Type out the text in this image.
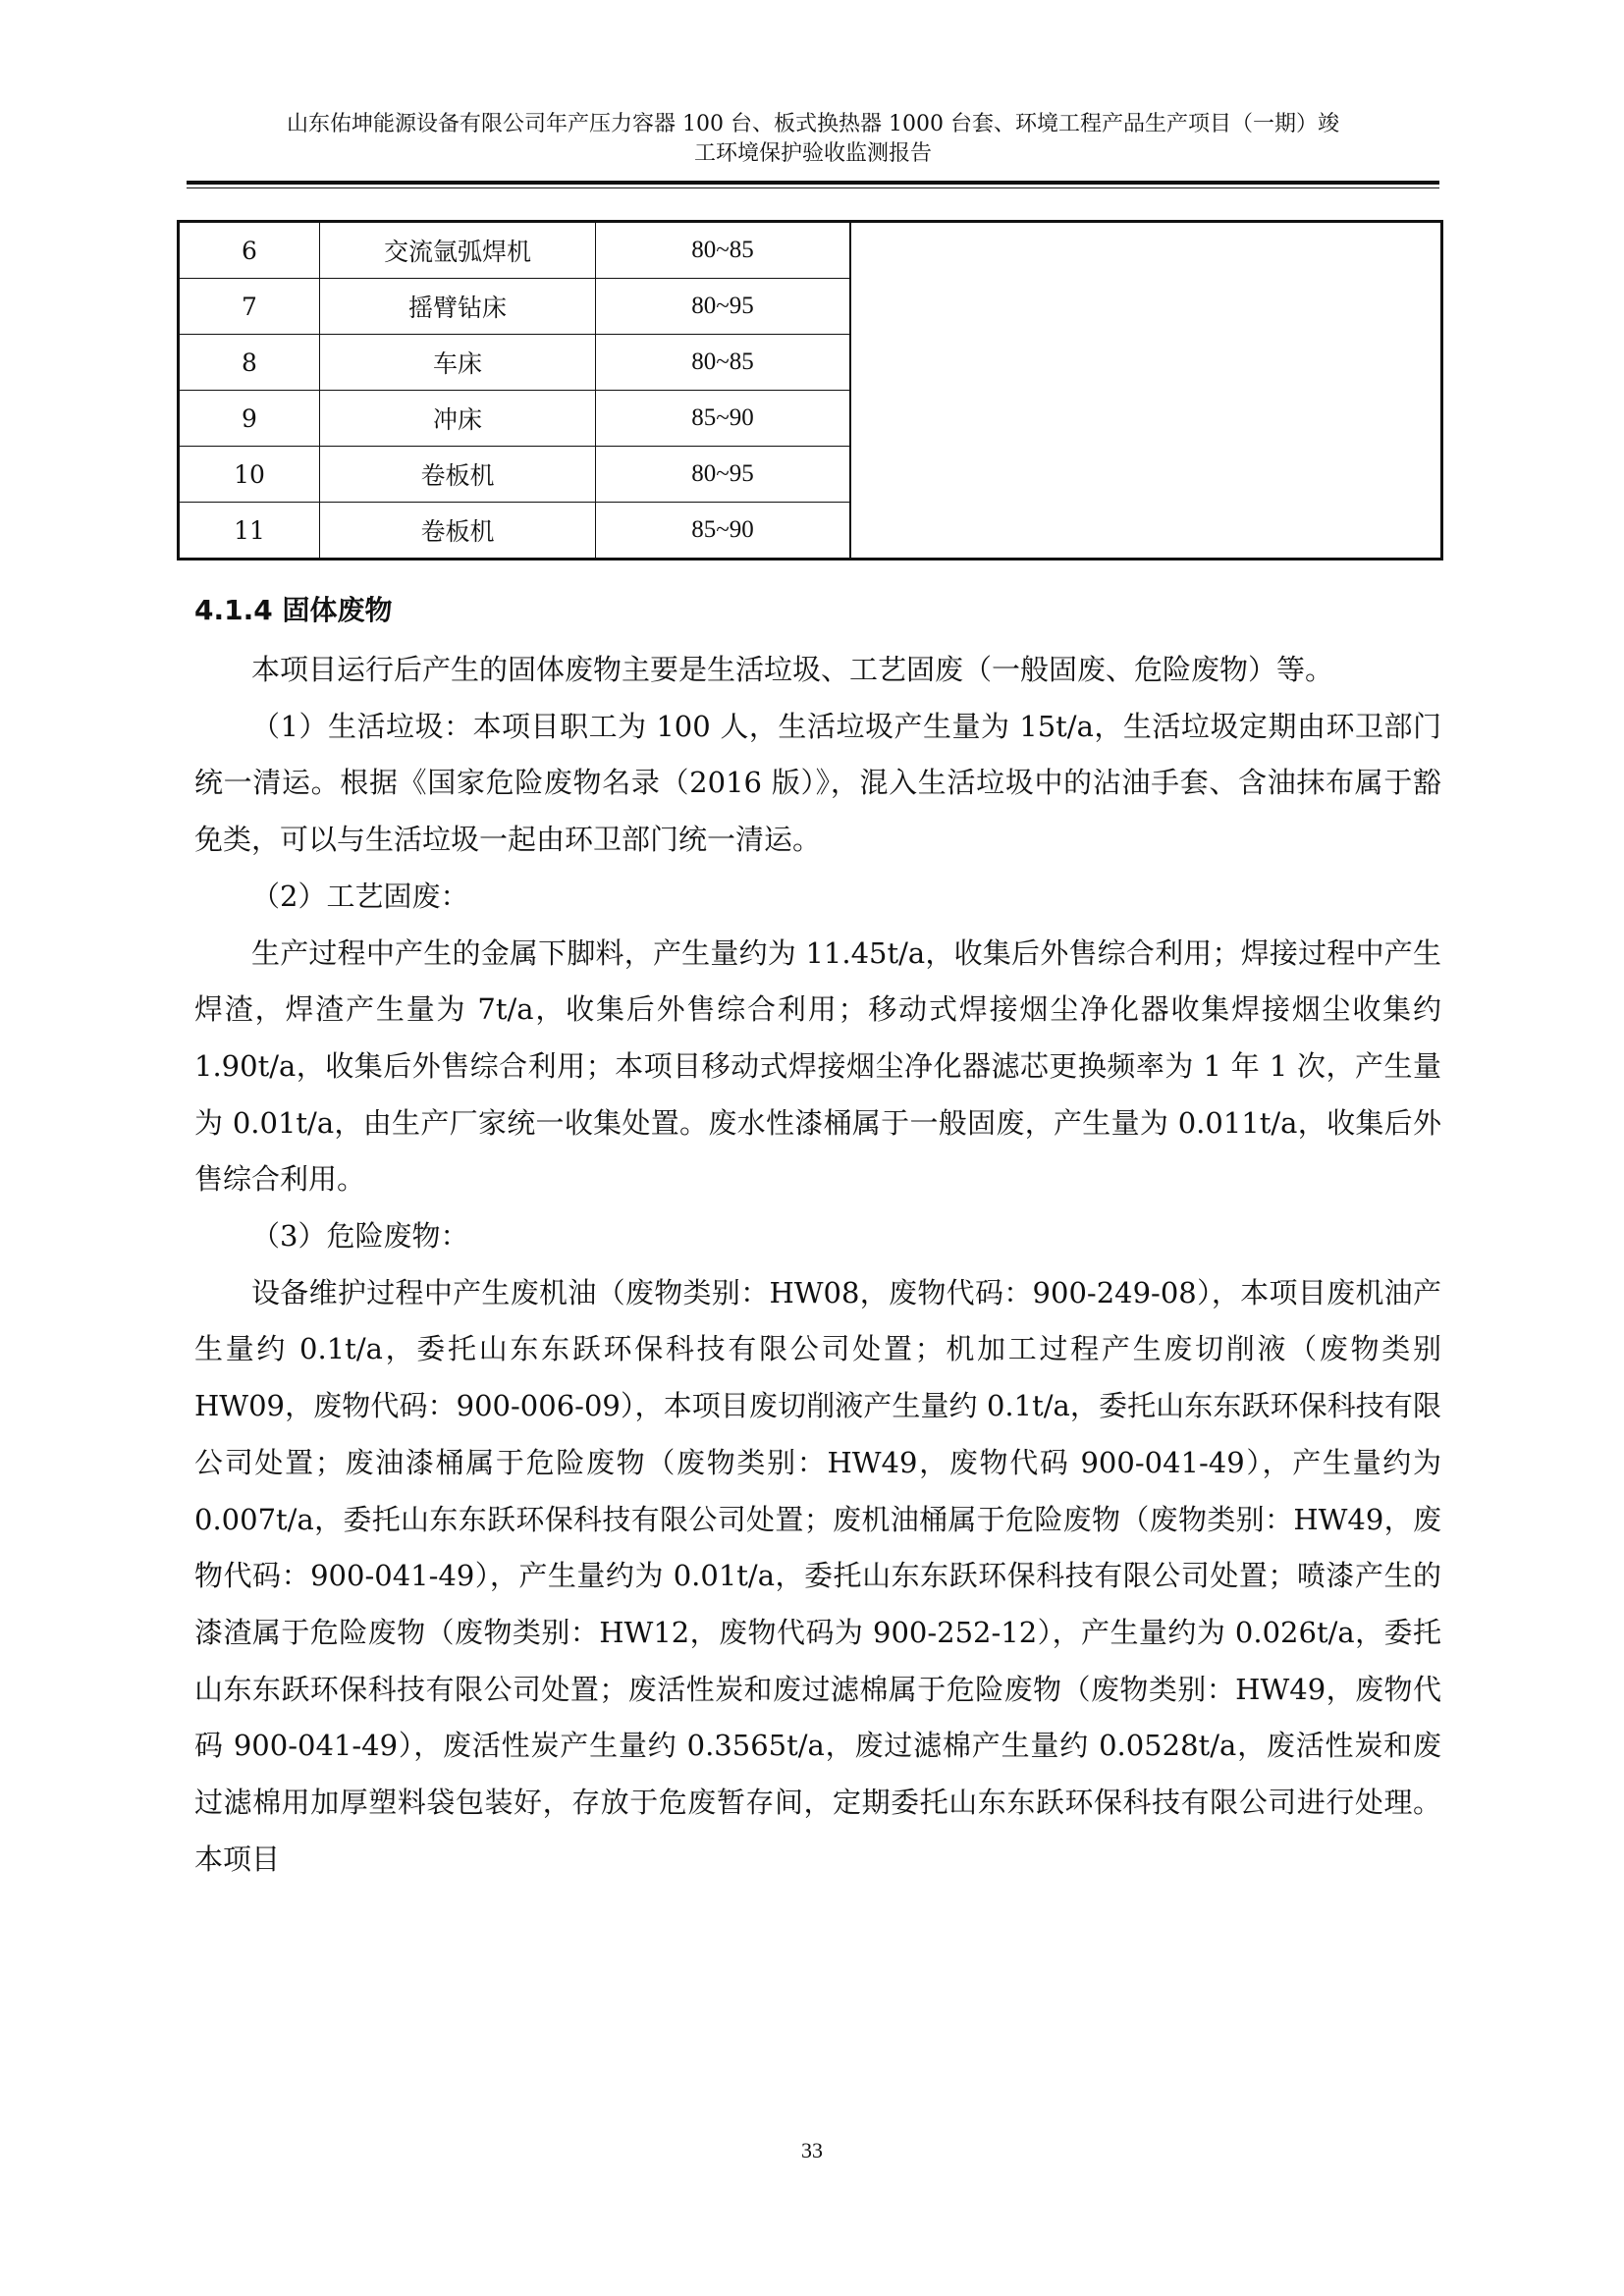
山东佑坤能源设备有限公司年产压力容器 100 台、板式换热器 1000 台套、环境工程产品生产项目（一期）竣
工环境保护验收监测报告
6	交流氩弧焊机	80~85	
7	摇臂钻床	80~95	
8	车床	80~85	
9	冲床	85~90	
10	卷板机	80~95	
11	卷板机	85~90	
4.1.4 固体废物

本项目运行后产生的固体废物主要是生活垃圾、工艺固废（一般固废、危险废物）等。

（1）生活垃圾：本项目职工为 100 人，生活垃圾产生量为 15t/a，生活垃圾定期由环卫部门统一清运。根据《国家危险废物名录（2016 版）》，混入生活垃圾中的沾油手套、含油抹布属于豁免类，可以与生活垃圾一起由环卫部门统一清运。

（2）工艺固废：

生产过程中产生的金属下脚料，产生量约为 11.45t/a，收集后外售综合利用；焊接过程中产生焊渣，焊渣产生量为 7t/a，收集后外售综合利用；移动式焊接烟尘净化器收集焊接烟尘收集约 1.90t/a，收集后外售综合利用；本项目移动式焊接烟尘净化器滤芯更换频率为 1 年 1 次，产生量为 0.01t/a，由生产厂家统一收集处置。废水性漆桶属于一般固废，产生量为 0.011t/a，收集后外售综合利用。

（3）危险废物：

设备维护过程中产生废机油（废物类别：HW08，废物代码：900-249-08），本项目废机油产生量约 0.1t/a，委托山东东跃环保科技有限公司处置；机加工过程产生废切削液（废物类别 HW09，废物代码：900-006-09），本项目废切削液产生量约 0.1t/a，委托山东东跃环保科技有限公司处置；废油漆桶属于危险废物（废物类别：HW49，废物代码 900-041-49），产生量约为 0.007t/a，委托山东东跃环保科技有限公司处置；废机油桶属于危险废物（废物类别：HW49，废物代码：900-041-49），产生量约为 0.01t/a，委托山东东跃环保科技有限公司处置；喷漆产生的漆渣属于危险废物（废物类别：HW12，废物代码为 900-252-12），产生量约为 0.026t/a，委托山东东跃环保科技有限公司处置；废活性炭和废过滤棉属于危险废物（废物类别：HW49，废物代码 900-041-49），废活性炭产生量约 0.3565t/a，废过滤棉产生量约 0.0528t/a，废活性炭和废过滤棉用加厚塑料袋包装好，存放于危废暂存间，定期委托山东东跃环保科技有限公司进行处理。本项目

33
